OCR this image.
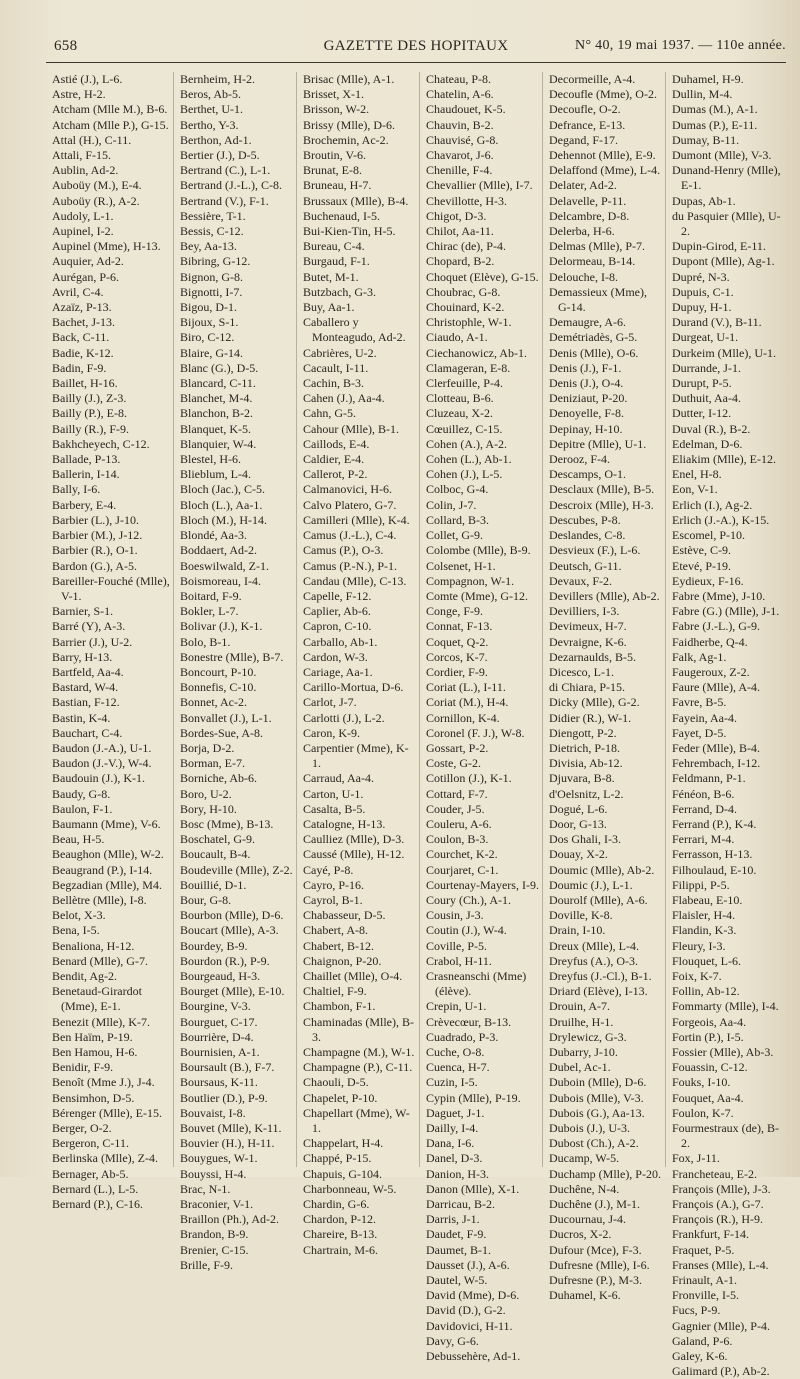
658	GAZETTE DES HOPITAUX	N° 40, 19 mai 1937. — 110e année.
Astié (J.), L-6.
Astre, H-2.
Atcham (Mlle M.), B-6.
Atcham (Mlle P.), G-15.
Attal (H.), C-11.
Attali, F-15.
Aublin, Ad-2.
Auboüy (M.), E-4.
Auboüy (R.), A-2.
Audoly, L-1.
Aupinel, I-2.
Aupinel (Mme), H-13.
Auquier, Ad-2.
Aurégan, P-6.
Avril, C-4.
Azaïz, P-13.
Bachet, J-13.
Back, C-11.
Badie, K-12.
Badin, F-9.
Baillet, H-16.
Bailly (J.), Z-3.
Bailly (P.), E-8.
Bailly (R.), F-9.
Bakhcheyech, C-12.
Ballade, P-13.
Ballerin, I-14.
Bally, I-6.
Barbery, E-4.
Barbier (L.), J-10.
Barbier (M.), J-12.
Barbier (R.), O-1.
Bardon (G.), A-5.
Bareiller-Fouché (Mlle), V-1.
Barnier, S-1.
Barré (Y), A-3.
Barrier (J.), U-2.
Barry, H-13.
Bartfeld, Aa-4.
Bastard, W-4.
Bastian, F-12.
Bastin, K-4.
Bauchart, C-4.
Baudon (J.-A.), U-1.
Baudon (J.-V.), W-4.
Baudouin (J.), K-1.
Baudy, G-8.
Baulon, F-1.
Baumann (Mme), V-6.
Beau, H-5.
Beaughon (Mlle), W-2.
Beaugrand (P.), I-14.
Begzadian (Mlle), M4.
Bellètre (Mlle), I-8.
Belot, X-3.
Bena, I-5.
Benaliona, H-12.
Benard (Mlle), G-7.
Bendit, Ag-2.
Benetaud-Girardot (Mme), E-1.
Benezit (Mlle), K-7.
Ben Haïm, P-19.
Ben Hamou, H-6.
Benidir, F-9.
Benoît (Mme J.), J-4.
Bensimhon, D-5.
Bérenger (Mlle), E-15.
Berger, O-2.
Bergeron, C-11.
Berlinska (Mlle), Z-4.
Bernager, Ab-5.
Bernard (L.), L-5.
Bernard (P.), C-16.
Bernheim, H-2.
Beros, Ab-5.
Berthet, U-1.
Bertho, Y-3.
Berthon, Ad-1.
Bertier (J.), D-5.
Bertrand (C.), L-1.
Bertrand (J.-L.), C-8.
Bertrand (V.), F-1.
Bessière, T-1.
Bessis, C-12.
Bey, Aa-13.
Bibring, G-12.
Bignon, G-8.
Bignotti, I-7.
Bigou, D-1.
Bijoux, S-1.
Biro, C-12.
Blaire, G-14.
Blanc (G.), D-5.
Blancard, C-11.
Blanchet, M-4.
Blanchon, B-2.
Blanquet, K-5.
Blanquier, W-4.
Blestel, H-6.
Blieblum, L-4.
Bloch (Jac.), C-5.
Bloch (L.), Aa-1.
Bloch (M.), H-14.
Blondé, Aa-3.
Boddaert, Ad-2.
Boeswilwald, Z-1.
Boismoreau, I-4.
Boitard, F-9.
Bokler, L-7.
Bolivar (J.), K-1.
Bolo, B-1.
Bonestre (Mlle), B-7.
Boncourt, P-10.
Bonnefis, C-10.
Bonnet, Ac-2.
Bonvallet (J.), L-1.
Bordes-Sue, A-8.
Borja, D-2.
Borman, E-7.
Borniche, Ab-6.
Boro, U-2.
Bory, H-10.
Bosc (Mme), B-13.
Boschatel, G-9.
Boucault, B-4.
Boudeville (Mlle), Z-2.
Bouillié, D-1.
Bour, G-8.
Bourbon (Mlle), D-6.
Boucart (Mlle), A-3.
Bourdey, B-9.
Bourdon (R.), P-9.
Bourgeaud, H-3.
Bourget (Mlle), E-10.
Bourgine, V-3.
Bourguet, C-17.
Bourrière, D-4.
Bournisien, A-1.
Boursault (B.), F-7.
Boursaus, K-11.
Boutlier (D.), P-9.
Bouvaist, I-8.
Bouvet (Mlle), K-11.
Bouvier (H.), H-11.
Bouygues, W-1.
Bouyssi, H-4.
Brac, N-1.
Braconier, V-1.
Braillon (Ph.), Ad-2.
Brandon, B-9.
Brenier, C-15.
Brille, F-9.
Brisac (Mlle), A-1.
Brisset, X-1.
Brisson, W-2.
Brissy (Mlle), D-6.
Brochemin, Ac-2.
Broutin, V-6.
Brunat, E-8.
Bruneau, H-7.
Brussaux (Mlle), B-4.
Buchenaud, I-5.
Bui-Kien-Tin, H-5.
Bureau, C-4.
Burgaud, F-1.
Butet, M-1.
Butzbach, G-3.
Buy, Aa-1.
Caballero y Monteagudo, Ad-2.
Cabrières, U-2.
Cacault, I-11.
Cachin, B-3.
Cahen (J.), Aa-4.
Cahn, G-5.
Cahour (Mlle), B-1.
Caillods, E-4.
Caldier, E-4.
Callerot, P-2.
Calmanovici, H-6.
Calvo Platero, G-7.
Camilleri (Mlle), K-4.
Camus (J.-L.), C-4.
Camus (P.), O-3.
Camus (P.-N.), P-1.
Candau (Mlle), C-13.
Capelle, F-12.
Caplier, Ab-6.
Capron, C-10.
Carballo, Ab-1.
Cardon, W-3.
Cariage, Aa-1.
Carillo-Mortua, D-6.
Carlot, J-7.
Carlotti (J.), L-2.
Caron, K-9.
Carpentier (Mme), K-1.
Carraud, Aa-4.
Carton, U-1.
Casalta, B-5.
Catalogne, H-13.
Caulliez (Mlle), D-3.
Caussé (Mlle), H-12.
Cayé, P-8.
Cayro, P-16.
Cayrol, B-1.
Chabasseur, D-5.
Chabert, A-8.
Chabert, B-12.
Chaignon, P-20.
Chaillet (Mlle), O-4.
Chaltiel, F-9.
Chambon, F-1.
Chaminadas (Mlle), B-3.
Champagne (M.), W-1.
Champagne (P.), C-11.
Chaouli, D-5.
Chapelet, P-10.
Chapellart (Mme), W-1.
Chappelart, H-4.
Chappé, P-15.
Chapuis, G-104.
Charbonneau, W-5.
Chardin, G-6.
Chardon, P-12.
Chareire, B-13.
Chartrain, M-6.
Chateau, P-8.
Chatelin, A-6.
Chaudouet, K-5.
Chauvin, B-2.
Chauvisé, G-8.
Chavarot, J-6.
Chenille, F-4.
Chevallier (Mlle), I-7.
Chevillotte, H-3.
Chigot, D-3.
Chilot, Aa-11.
Chirac (de), P-4.
Chopard, B-2.
Choquet (Elève), G-15.
Choubrac, G-8.
Chouinard, K-2.
Christophle, W-1.
Ciaudo, A-1.
Ciechanowicz, Ab-1.
Clamageran, E-8.
Clerfeuille, P-4.
Clotteau, B-6.
Cluzeau, X-2.
Cœuillez, C-15.
Cohen (A.), A-2.
Cohen (L.), Ab-1.
Cohen (J.), L-5.
Colboc, G-4.
Colin, J-7.
Collard, B-3.
Collet, G-9.
Colombe (Mlle), B-9.
Colsenet, H-1.
Compagnon, W-1.
Comte (Mme), G-12.
Conge, F-9.
Connat, F-13.
Coquet, Q-2.
Corcos, K-7.
Cordier, F-9.
Coriat (L.), I-11.
Coriat (M.), H-4.
Cornillon, K-4.
Coronel (F. J.), W-8.
Gossart, P-2.
Coste, G-2.
Cotillon (J.), K-1.
Cottard, F-7.
Couder, J-5.
Couleru, A-6.
Coulon, B-3.
Courchet, K-2.
Courjaret, C-1.
Courtenay-Mayers, I-9.
Coury (Ch.), A-1.
Cousin, J-3.
Coutin (J.), W-4.
Coville, P-5.
Crabol, H-11.
Crasneanschi (Mme) (élève).
Crepin, U-1.
Crèvecœur, B-13.
Cuadrado, P-3.
Cuche, O-8.
Cuenca, H-7.
Cuzin, I-5.
Cypin (Mlle), P-19.
Daguet, J-1.
Dailly, I-4.
Dana, I-6.
Danel, D-3.
Danion, H-3.
Danon (Mlle), X-1.
Darricau, B-2.
Darris, J-1.
Daudet, F-9.
Daumet, B-1.
Dausset (J.), A-6.
Dautel, W-5.
David (Mme), D-6.
David (D.), G-2.
Davidovici, H-11.
Davy, G-6.
Debussehère, Ad-1.
Decormeille, A-4.
Decoufle (Mme), O-2.
Decoufle, O-2.
Defrance, E-13.
Degand, F-17.
Dehennot (Mlle), E-9.
Delaffond (Mme), L-4.
Delater, Ad-2.
Delavelle, P-11.
Delcambre, D-8.
Delerba, H-6.
Delmas (Mlle), P-7.
Delormeau, B-14.
Delouche, I-8.
Demassieux (Mme), G-14.
Demaugre, A-6.
Demétriadès, G-5.
Denis (Mlle), O-6.
Denis (J.), F-1.
Denis (J.), O-4.
Deniziaut, P-20.
Denoyelle, F-8.
Depinay, H-10.
Depitre (Mlle), U-1.
Derooz, F-4.
Descamps, O-1.
Desclaux (Mlle), B-5.
Descroix (Mlle), H-3.
Descubes, P-8.
Deslandes, C-8.
Desvieux (F.), L-6.
Deutsch, G-11.
Devaux, F-2.
Devillers (Mlle), Ab-2.
Devilliers, I-3.
Devimeux, H-7.
Devraigne, K-6.
Dezarnaulds, B-5.
Dicesco, L-1.
di Chiara, P-15.
Dicky (Mlle), G-2.
Didier (R.), W-1.
Diengott, P-2.
Dietrich, P-18.
Divisia, Ab-12.
Djuvara, B-8.
d'Oelsnitz, L-2.
Dogué, L-6.
Door, G-13.
Dos Ghali, I-3.
Douay, X-2.
Doumic (Mlle), Ab-2.
Doumic (J.), L-1.
Dourolf (Mlle), A-6.
Doville, K-8.
Drain, I-10.
Dreux (Mlle), L-4.
Dreyfus (A.), O-3.
Dreyfus (J.-Cl.), B-1.
Driard (Elève), I-13.
Drouin, A-7.
Druilhe, H-1.
Drylewicz, G-3.
Dubarry, J-10.
Dubel, Ac-1.
Duboin (Mlle), D-6.
Dubois (Mlle), V-3.
Dubois (G.), Aa-13.
Dubois (J.), U-3.
Dubost (Ch.), A-2.
Ducamp, W-5.
Duchamp (Mlle), P-20.
Duchêne, N-4.
Duchêne (J.), M-1.
Ducournau, J-4.
Ducros, X-2.
Dufour (Mce), F-3.
Dufresne (Mlle), I-6.
Dufresne (P.), M-3.
Duhamel, K-6.
Duhamel, H-9.
Dullin, M-4.
Dumas (M.), A-1.
Dumas (P.), E-11.
Dumay, B-11.
Dumont (Mlle), V-3.
Dunand-Henry (Mlle), E-1.
Dupas, Ab-1.
du Pasquier (Mlle), U-2.
Dupin-Girod, E-11.
Dupont (Mlle), Ag-1.
Dupré, N-3.
Dupuis, C-1.
Dupuy, H-1.
Durand (V.), B-11.
Durgeat, U-1.
Durkeim (Mlle), U-1.
Durrande, J-1.
Durupt, P-5.
Duthuit, Aa-4.
Dutter, I-12.
Duval (R.), B-2.
Edelman, D-6.
Eliakim (Mlle), E-12.
Enel, H-8.
Eon, V-1.
Erlich (I.), Ag-2.
Erlich (J.-A.), K-15.
Escomel, P-10.
Estève, C-9.
Etevé, P-19.
Eydieux, F-16.
Fabre (Mme), J-10.
Fabre (G.) (Mlle), J-1.
Fabre (J.-L.), G-9.
Faidherbe, Q-4.
Falk, Ag-1.
Faugeroux, Z-2.
Faure (Mlle), A-4.
Favre, B-5.
Fayein, Aa-4.
Fayet, D-5.
Feder (Mlle), B-4.
Fehrembach, I-12.
Feldmann, P-1.
Fénéon, B-6.
Ferrand, D-4.
Ferrand (P.), K-4.
Ferrari, M-4.
Ferrasson, H-13.
Filhoulaud, E-10.
Filippi, P-5.
Flabeau, E-10.
Flaisler, H-4.
Flandin, K-3.
Fleury, I-3.
Flouquet, L-6.
Foix, K-7.
Follin, Ab-12.
Fommarty (Mlle), I-4.
Forgeois, Aa-4.
Fortin (P.), I-5.
Fossier (Mlle), Ab-3.
Fouassin, C-12.
Fouks, I-10.
Fouquet, Aa-4.
Foulon, K-7.
Fourmestraux (de), B-2.
Fox, J-11.
Francheteau, E-2.
François (Mlle), J-3.
François (A.), G-7.
François (R.), H-9.
Frankfurt, F-14.
Fraquet, P-5.
Franses (Mlle), L-4.
Frinault, A-1.
Fronville, I-5.
Fucs, P-9.
Gagnier (Mlle), P-4.
Galand, P-6.
Galey, K-6.
Galimard (P.), Ab-2.
